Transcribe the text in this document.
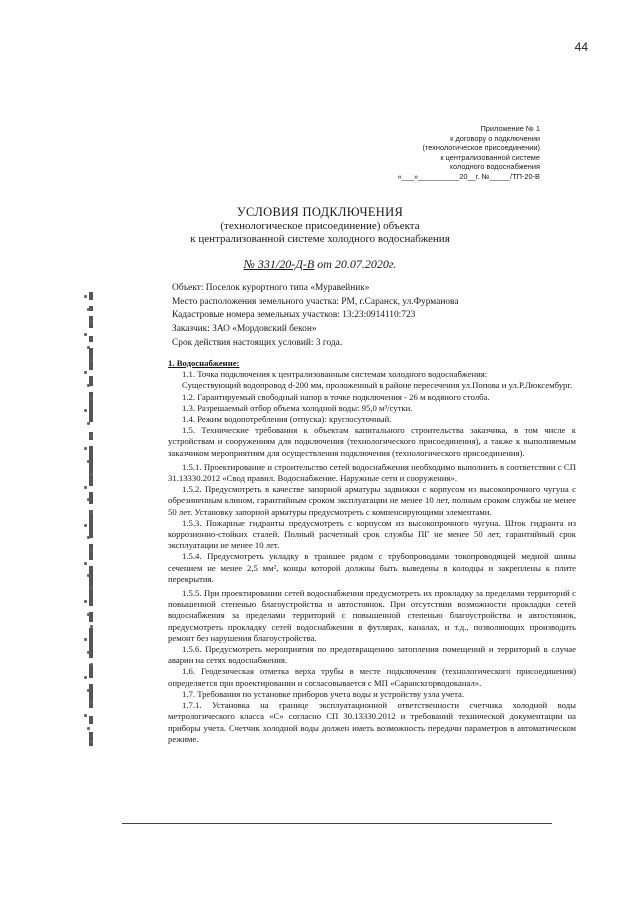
44
Приложение № 1
к договору о подключении
(технологическое присоединении)
к централизованной системе
холодного водоснабжения
«___»__________20__г. №_____/ТП-20-В
УСЛОВИЯ ПОДКЛЮЧЕНИЯ
(технологическое присоединение) объекта
к централизованной системе холодного водоснабжения
№ 331/20-Д-В от 20.07.2020г.
Объект: Поселок курортного типа «Муравейник»
Место расположения земельного участка: РМ, г.Саранск, ул.Фурманова
Кадастровые номера земельных участков: 13:23:0914110:723
Заказчик: ЗАО «Мордовский бекон»
Срок действия настоящих условий: 3 года.

1. Водоснабжение:

1.1. Точка подключения к централизованным системам холодного водоснабжения:

Существующий водопровод d-200 мм, проложенный в районе пересечения ул.Попова и ул.Р.Люксембург.

1.2. Гарантируемый свободный напор в точке подключения - 26 м водяного столба.

1.3. Разрешаемый отбор объема холодной воды: 95,0 м³/сутки.

1.4. Режим водопотребления (отпуска): круглосуточный.

1.5. Технические требования к объектам капитального строительства заказчика, в том числе к устройствам и сооружениям для подключения (технологического присоединения), а также к выполняемым заказчиком мероприятиям для осуществления подключения (технологического присоединения).

1.5.1. Проектирование и строительство сетей водоснабжения необходимо выполнить в соответствии с СП 31.13330.2012 «Свод правил. Водоснабжение. Наружные сети и сооружения».

1.5.2. Предусмотреть в качестве запорной арматуры задвижки с корпусом из высокопрочного чугуна с обрезиненным клином, гарантийным сроком эксплуатации не менее 10 лет, полным сроком службы не менее 50 лет. Установку запорной арматуры предусмотреть с компенсирующими элементами.

1.5.3. Пожарные гидранты предусмотреть с корпусом из высокопрочного чугуна. Шток гидранта из коррозионно-стойких сталей. Полный расчетный срок службы ПГ не менее 50 лет, гарантийный срок эксплуатации не менее 10 лет.

1.5.4. Предусмотреть укладку в траншее рядом с трубопроводами токопроводящей медной шины сечением не менее 2,5 мм², концы которой должны быть выведены в колодцы и закреплены к плите перекрытия.

1.5.5. При проектировании сетей водоснабжения предусмотреть их прокладку за пределами территорий с повышенной степенью благоустройства и автостоянок. При отсутствии возможности прокладки сетей водоснабжения за пределами территорий с повышенной степенью благоустройства и автостоянок, предусмотреть прокладку сетей водоснабжения в футлярах, каналах, и т.д., позволяющих производить ремонт без нарушения благоустройства.

1.5.6. Предусмотреть мероприятия по предотвращению затопления помещений и территорий в случае аварии на сетях водоснабжения.

1.6. Геодезическая отметка верха трубы в месте подключения (технологического присоединения) определяется при проектировании и согласовывается с МП «Саранскгорводоканал».

1.7. Требования по установке приборов учета воды и устройству узла учета.

1.7.1. Установка на границе эксплуатационной ответственности счетчика холодной воды метрологического класса «С» согласно СП 30.13330.2012 и требований технической документации на приборы учета. Счетчик холодной воды должен иметь возможность передачи параметров в автоматическом режиме.
